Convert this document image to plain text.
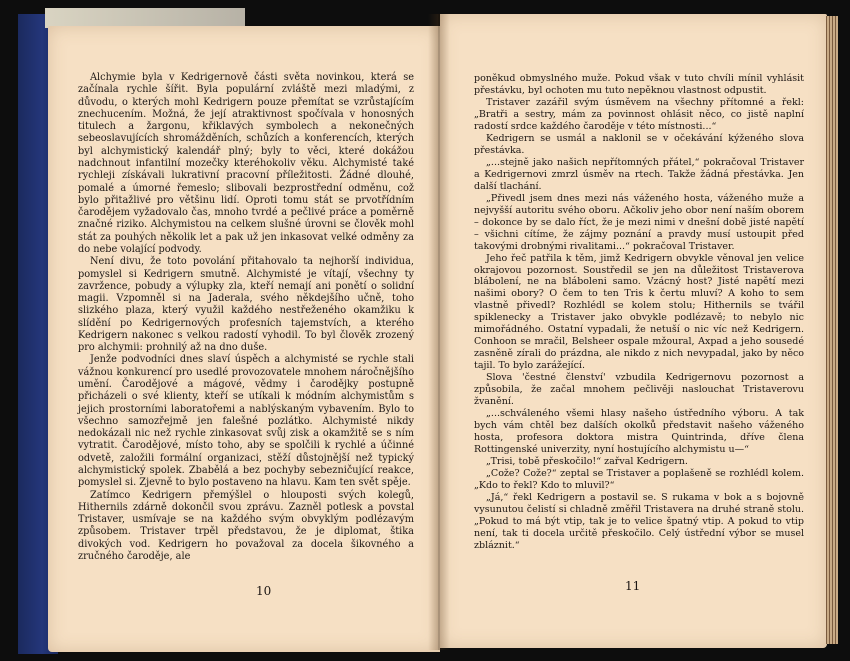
Alchymie byla v Kedrigernově části světa novinkou, která se začínala rychle šířit. Byla populární zvláště mezi mladými, z důvodu, o kterých mohl Kedrigern pouze přemítat se vzrůstajícím znechucením. Možná, že její atraktivnost spočívala v honosných titulech a žargonu, křiklavých symbolech a nekonečných sebeoslavujících shromážděních, schůzích a konferencích, kterých byl alchymistický kalendář plný; byly to věci, které dokážou nadchnout infantilní mozečky kteréhokoliv věku. Alchymisté také rychleji získávali lukrativní pracovní příležitosti. Žádné dlouhé, pomalé a úmorné řemeslo; slibovali bezprostřední odměnu, což bylo přitažlivé pro většinu lidí. Oproti tomu stát se prvotřídním čarodějem vyžadovalo čas, mnoho tvrdé a pečlivé práce a poměrně značné riziko. Alchymistou na celkem slušné úrovni se člověk mohl stát za pouhých několik let a pak už jen inkasovat velké odměny za do nebe volající podvody.

Není divu, že toto povolání přitahovalo ta nejhorší individua, pomyslel si Kedrigern smutně. Alchymisté je vítají, všechny ty zavržence, pobudy a výlupky zla, kteří nemají ani ponětí o solidní magii. Vzpomněl si na Jaderala, svého někdejšího učně, toho slizkého plaza, který využil každého nestřeženého okamžiku k slídění po Kedrigernových profesních tajemstvích, a kterého Kedrigern nakonec s velkou radostí vyhodil. To byl člověk zrozený pro alchymii: prohnilý až na dno duše.

Jenže podvodníci dnes slaví úspěch a alchymisté se rychle stali vážnou konkurencí pro usedlé provozovatele mnohem náročnějšího umění. Čarodějové a mágové, vědmy i čarodějky postupně přicházeli o své klienty, kteří se utíkali k módním alchymistům s jejich prostorními laboratořemi a nablýskaným vybavením. Bylo to všechno samozřejmě jen falešné pozlátko. Alchymisté nikdy nedokázali nic než rychle zinkasovat svůj zisk a okamžitě se s ním vytratit. Čarodějové, místo toho, aby se spolčili k rychlé a účinné odvetě, založili formální organizaci, stěží důstojnější než typický alchymistický spolek. Zbabělá a bez pochyby sebezničující reakce, pomyslel si. Zjevně to bylo postaveno na hlavu. Kam ten svět spěje.

Zatímco Kedrigern přemýšlel o hlouposti svých kolegů, Hithernils zdárně dokončil svou zprávu. Zazněl potlesk a povstal Tristaver, usmívaje se na každého svým obvyklým podlézavým způsobem. Tristaver trpěl představou, že je diplomat, štika divokých vod. Kedrigern ho považoval za docela šikovného a zručného čaroděje, ale

10

poněkud obmyslného muže. Pokud však v tuto chvíli mínil vyhlásit přestávku, byl ochoten mu tuto nepěknou vlastnost odpustit.

Tristaver zazářil svým úsměvem na všechny přítomné a řekl: „Bratři a sestry, mám za povinnost ohlásit něco, co jistě naplní radostí srdce každého čaroděje v této místnosti...“

Kedrigern se usmál a naklonil se v očekávání kýženého slova přestávka.

„...stejně jako našich nepřítomných přátel,“ pokračoval Tristaver a Kedrigernovi zmrzl úsměv na rtech. Takže žádná přestávka. Jen další tlachání.

„Přivedl jsem dnes mezi nás váženého hosta, váženého muže a nejvyšší autoritu svého oboru. Ačkoliv jeho obor není naším oborem – dokonce by se dalo říct, že je mezi nimi v dnešní době jisté napětí – všichni cítíme, že zájmy poznání a pravdy musí ustoupit před takovými drobnými rivalitami...“ pokračoval Tristaver.

Jeho řeč patřila k těm, jimž Kedrigern obvykle věnoval jen velice okrajovou pozornost. Soustředil se jen na důležitost Tristaverova blábolení, ne na bláboleni samo. Vzácný host? Jisté napětí mezi našimi obory? O čem to ten Tris k čertu mluví? A koho to sem vlastně přivedl? Rozhlédl se kolem stolu; Hithernils se tvářil spiklenecky a Tristaver jako obvykle podlézavě; to nebylo nic mimořádného. Ostatní vypadali, že netuší o nic víc než Kedrigern. Conhoon se mračil, Belsheer ospale mžoural, Axpad a jeho sousedé zasněně zírali do prázdna, ale nikdo z nich nevypadal, jako by něco tajil. To bylo zarážející.

Slova 'čestné členství' vzbudila Kedrigernovu pozornost a způsobila, že začal mnohem pečlivěji naslouchat Tristaverovu žvanění.

„...schváleného všemi hlasy našeho ústředního výboru. A tak bych vám chtěl bez dalších okolků představit našeho váženého hosta, profesora doktora mistra Quintrinda, dříve člena Rottingenské univerzity, nyní hostujícího alchymistu u—“

„Trisi, tobě přeskočilo!“ zařval Kedrigern.

„Cože? Cože?“ zeptal se Tristaver a poplašeně se rozhlédl kolem. „Kdo to řekl? Kdo to mluvil?“

„Já,“ řekl Kedrigern a postavil se. S rukama v bok a s bojovně vysunutou čelistí si chladně změřil Tristavera na druhé straně stolu. „Pokud to má být vtip, tak je to velice špatný vtip. A pokud to vtip není, tak ti docela určitě přeskočilo. Celý ústřední výbor se musel zbláznit.“

11
